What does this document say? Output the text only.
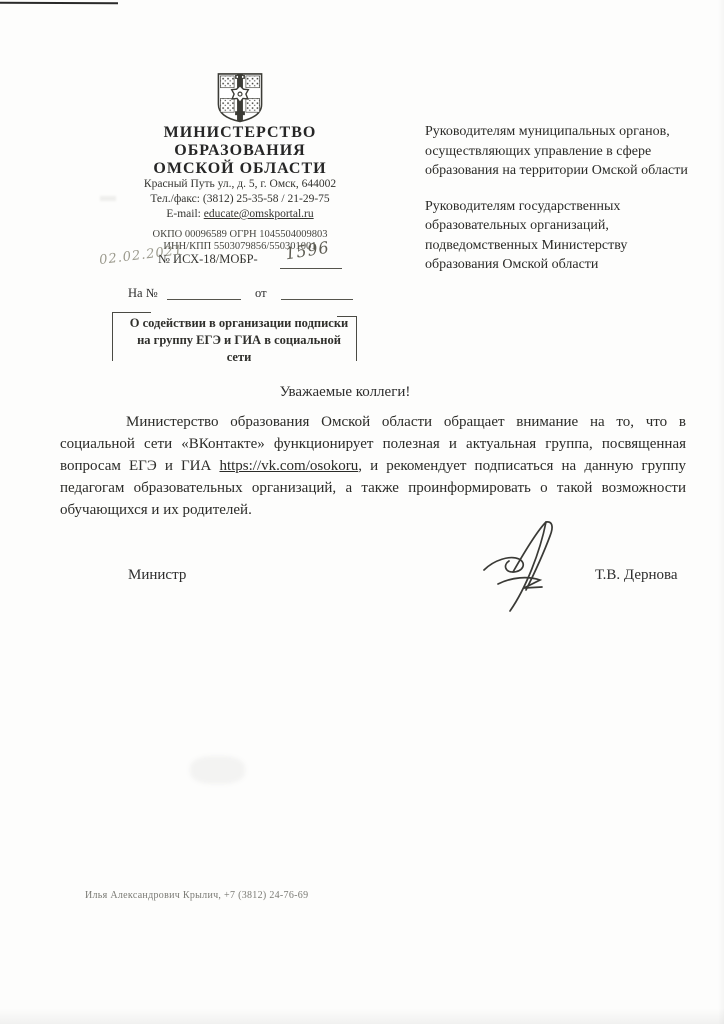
МИНИСТЕРСТВО
ОБРАЗОВАНИЯ
ОМСКОЙ ОБЛАСТИ
Красный Путь ул., д. 5, г. Омск, 644002
Тел./факс: (3812) 25-35-58 / 21-29-75
E-mail: educate@omskportal.ru
ОКПО 00096589 ОГРН 1045504009803
ИНН/КПП 5503079856/550301001
02.02.2021
№ ИСХ-18/МОБР- 1596
На №	от

Руководителям муниципальных органов, осуществляющих управление в сфере образования на территории Омской области

Руководителям государственных образовательных организаций, подведомственных Министерству образования Омской области

О содействии в организации подписки на группу ЕГЭ и ГИА в социальной сети
Уважаемые коллеги!

Министерство образования Омской области обращает внимание на то, что в социальной сети «ВКонтакте» функционирует полезная и актуальная группа, посвященная вопросам ЕГЭ и ГИА https://vk.com/osokoru, и рекомендует подписаться на данную группу педагогам образовательных организаций, а также проинформировать о такой возможности обучающихся и их родителей.

Министр	Т.В. Дернова
Илья Александрович Крылич, +7 (3812) 24-76-69
